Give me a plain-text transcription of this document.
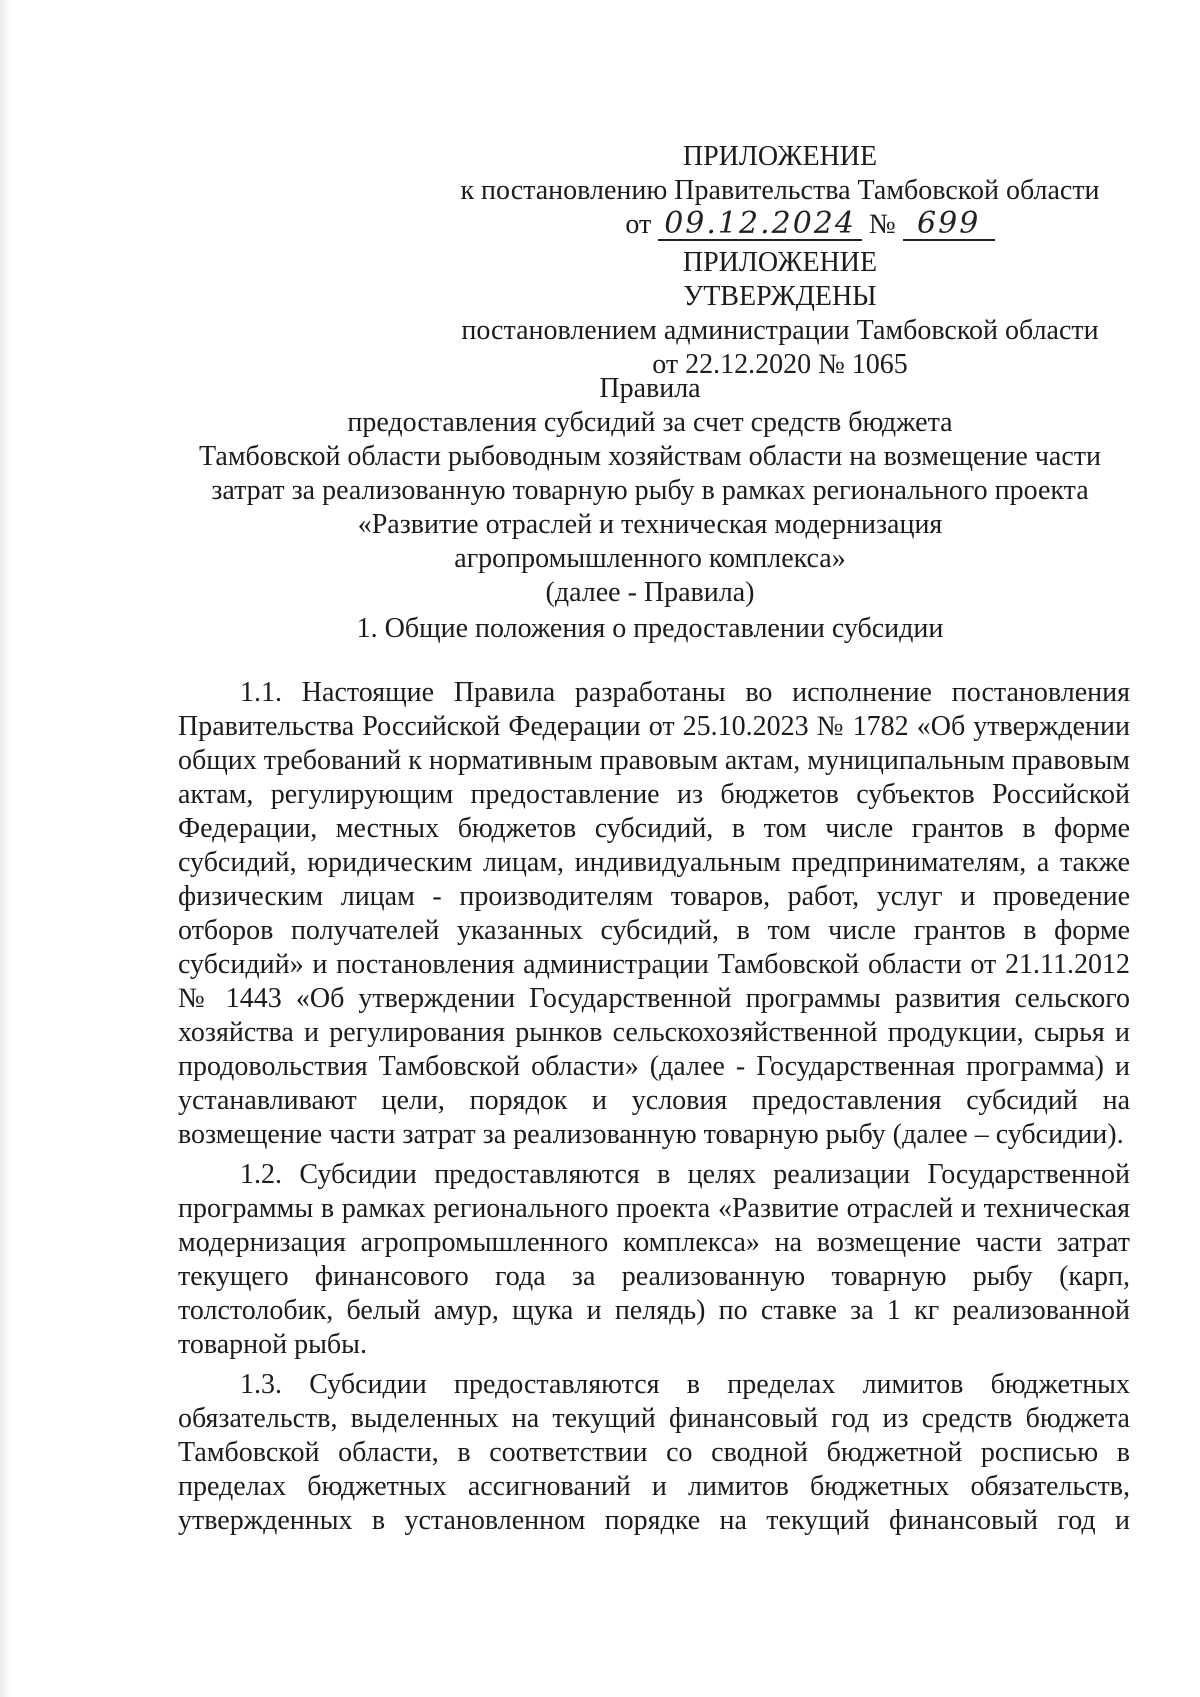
ПРИЛОЖЕНИЕ
к постановлению Правительства Тамбовской области
от 09.12.2024 № 699
ПРИЛОЖЕНИЕ
УТВЕРЖДЕНЫ
постановлением администрации Тамбовской области
от 22.12.2020 № 1065
Правила
предоставления субсидий за счет средств бюджета
Тамбовской области рыбоводным хозяйствам области на возмещение части
затрат за реализованную товарную рыбу в рамках регионального проекта
«Развитие отраслей и техническая модернизация
агропромышленного комплекса»
(далее - Правила)
1. Общие положения о предоставлении субсидии

1.1. Настоящие Правила разработаны во исполнение постановления Правительства Российской Федерации от 25.10.2023 № 1782 «Об утверждении общих требований к нормативным правовым актам, муниципальным правовым актам, регулирующим предоставление из бюджетов субъектов Российской Федерации, местных бюджетов субсидий, в том числе грантов в форме субсидий, юридическим лицам, индивидуальным предпринимателям, а также физическим лицам - производителям товаров, работ, услуг и проведение отборов получателей указанных субсидий, в том числе грантов в форме субсидий» и постановления администрации Тамбовской области от 21.11.2012 № 1443 «Об утверждении Государственной программы развития сельского хозяйства и регулирования рынков сельскохозяйственной продукции, сырья и продовольствия Тамбовской области» (далее - Государственная программа) и устанавливают цели, порядок и условия предоставления субсидий на возмещение части затрат за реализованную товарную рыбу (далее – субсидии).

1.2. Субсидии предоставляются в целях реализации Государственной программы в рамках регионального проекта «Развитие отраслей и техническая модернизация агропромышленного комплекса» на возмещение части затрат текущего финансового года за реализованную товарную рыбу (карп, толстолобик, белый амур, щука и пелядь) по ставке за 1 кг реализованной товарной рыбы.

1.3. Субсидии предоставляются в пределах лимитов бюджетных обязательств, выделенных на текущий финансовый год из средств бюджета Тамбовской области, в соответствии со сводной бюджетной росписью в пределах бюджетных ассигнований и лимитов бюджетных обязательств, утвержденных в установленном порядке на текущий финансовый год и
